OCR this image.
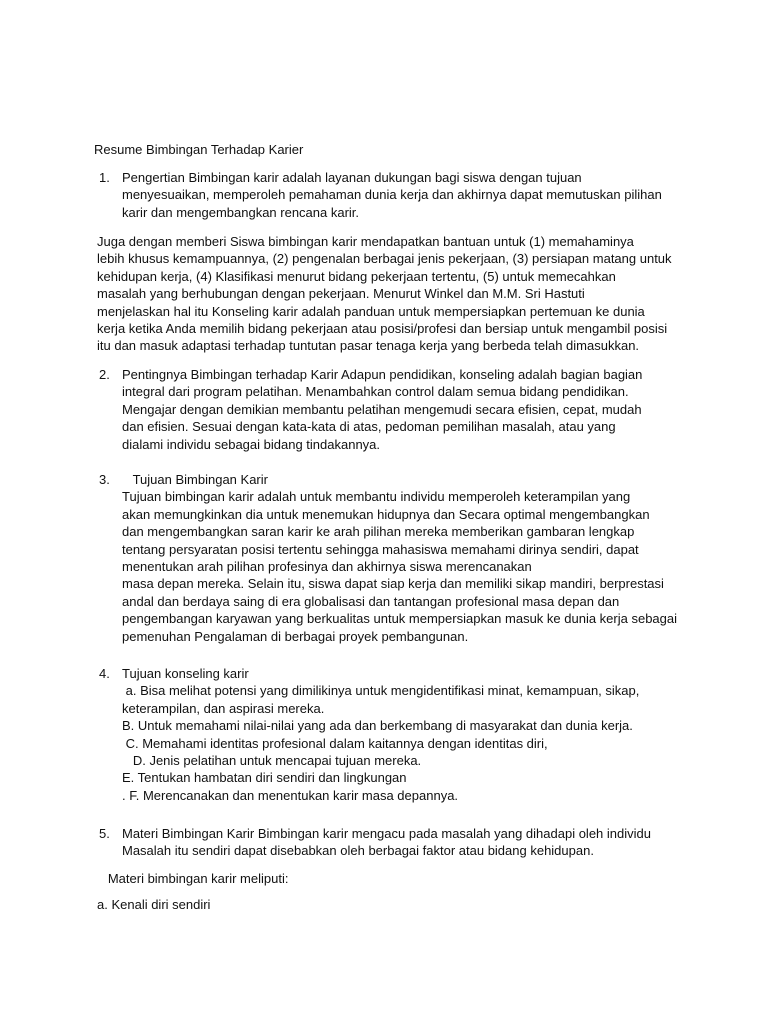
Resume Bimbingan Terhadap Karier
1. Pengertian Bimbingan karir adalah layanan dukungan bagi siswa dengan tujuan
menyesuaikan, memperoleh pemahaman dunia kerja dan akhirnya dapat memutuskan pilihan
karir dan mengembangkan rencana karir.
Juga dengan memberi Siswa bimbingan karir mendapatkan bantuan untuk (1) memahaminya
lebih khusus kemampuannya, (2) pengenalan berbagai jenis pekerjaan, (3) persiapan matang untuk
kehidupan kerja, (4) Klasifikasi menurut bidang pekerjaan tertentu, (5) untuk memecahkan
masalah yang berhubungan dengan pekerjaan. Menurut Winkel dan M.M. Sri Hastuti
menjelaskan hal itu Konseling karir adalah panduan untuk mempersiapkan pertemuan ke dunia
kerja ketika Anda memilih bidang pekerjaan atau posisi/profesi dan bersiap untuk mengambil posisi
itu dan masuk adaptasi terhadap tuntutan pasar tenaga kerja yang berbeda telah dimasukkan.
2. Pentingnya Bimbingan terhadap Karir Adapun pendidikan, konseling adalah bagian bagian
integral dari program pelatihan. Menambahkan control dalam semua bidang pendidikan.
Mengajar dengan demikian membantu pelatihan mengemudi secara efisien, cepat, mudah
dan efisien. Sesuai dengan kata-kata di atas, pedoman pemilihan masalah, atau yang
dialami individu sebagai bidang tindakannya.
3. Tujuan Bimbingan Karir
Tujuan bimbingan karir adalah untuk membantu individu memperoleh keterampilan yang
akan memungkinkan dia untuk menemukan hidupnya dan Secara optimal mengembangkan
dan mengembangkan saran karir ke arah pilihan mereka memberikan gambaran lengkap
tentang persyaratan posisi tertentu sehingga mahasiswa memahami dirinya sendiri, dapat
menentukan arah pilihan profesinya dan akhirnya siswa merencanakan
masa depan mereka. Selain itu, siswa dapat siap kerja dan memiliki sikap mandiri, berprestasi
andal dan berdaya saing di era globalisasi dan tantangan profesional masa depan dan
pengembangan karyawan yang berkualitas untuk mempersiapkan masuk ke dunia kerja sebagai
pemenuhan Pengalaman di berbagai proyek pembangunan.
4. Tujuan konseling karir
a. Bisa melihat potensi yang dimilikinya untuk mengidentifikasi minat, kemampuan, sikap,
keterampilan, dan aspirasi mereka.
B. Untuk memahami nilai-nilai yang ada dan berkembang di masyarakat dan dunia kerja.
C. Memahami identitas profesional dalam kaitannya dengan identitas diri,
D. Jenis pelatihan untuk mencapai tujuan mereka.
E. Tentukan hambatan diri sendiri dan lingkungan
. F. Merencanakan dan menentukan karir masa depannya.
5. Materi Bimbingan Karir Bimbingan karir mengacu pada masalah yang dihadapi oleh individu
Masalah itu sendiri dapat disebabkan oleh berbagai faktor atau bidang kehidupan.
Materi bimbingan karir meliputi:
a. Kenali diri sendiri
